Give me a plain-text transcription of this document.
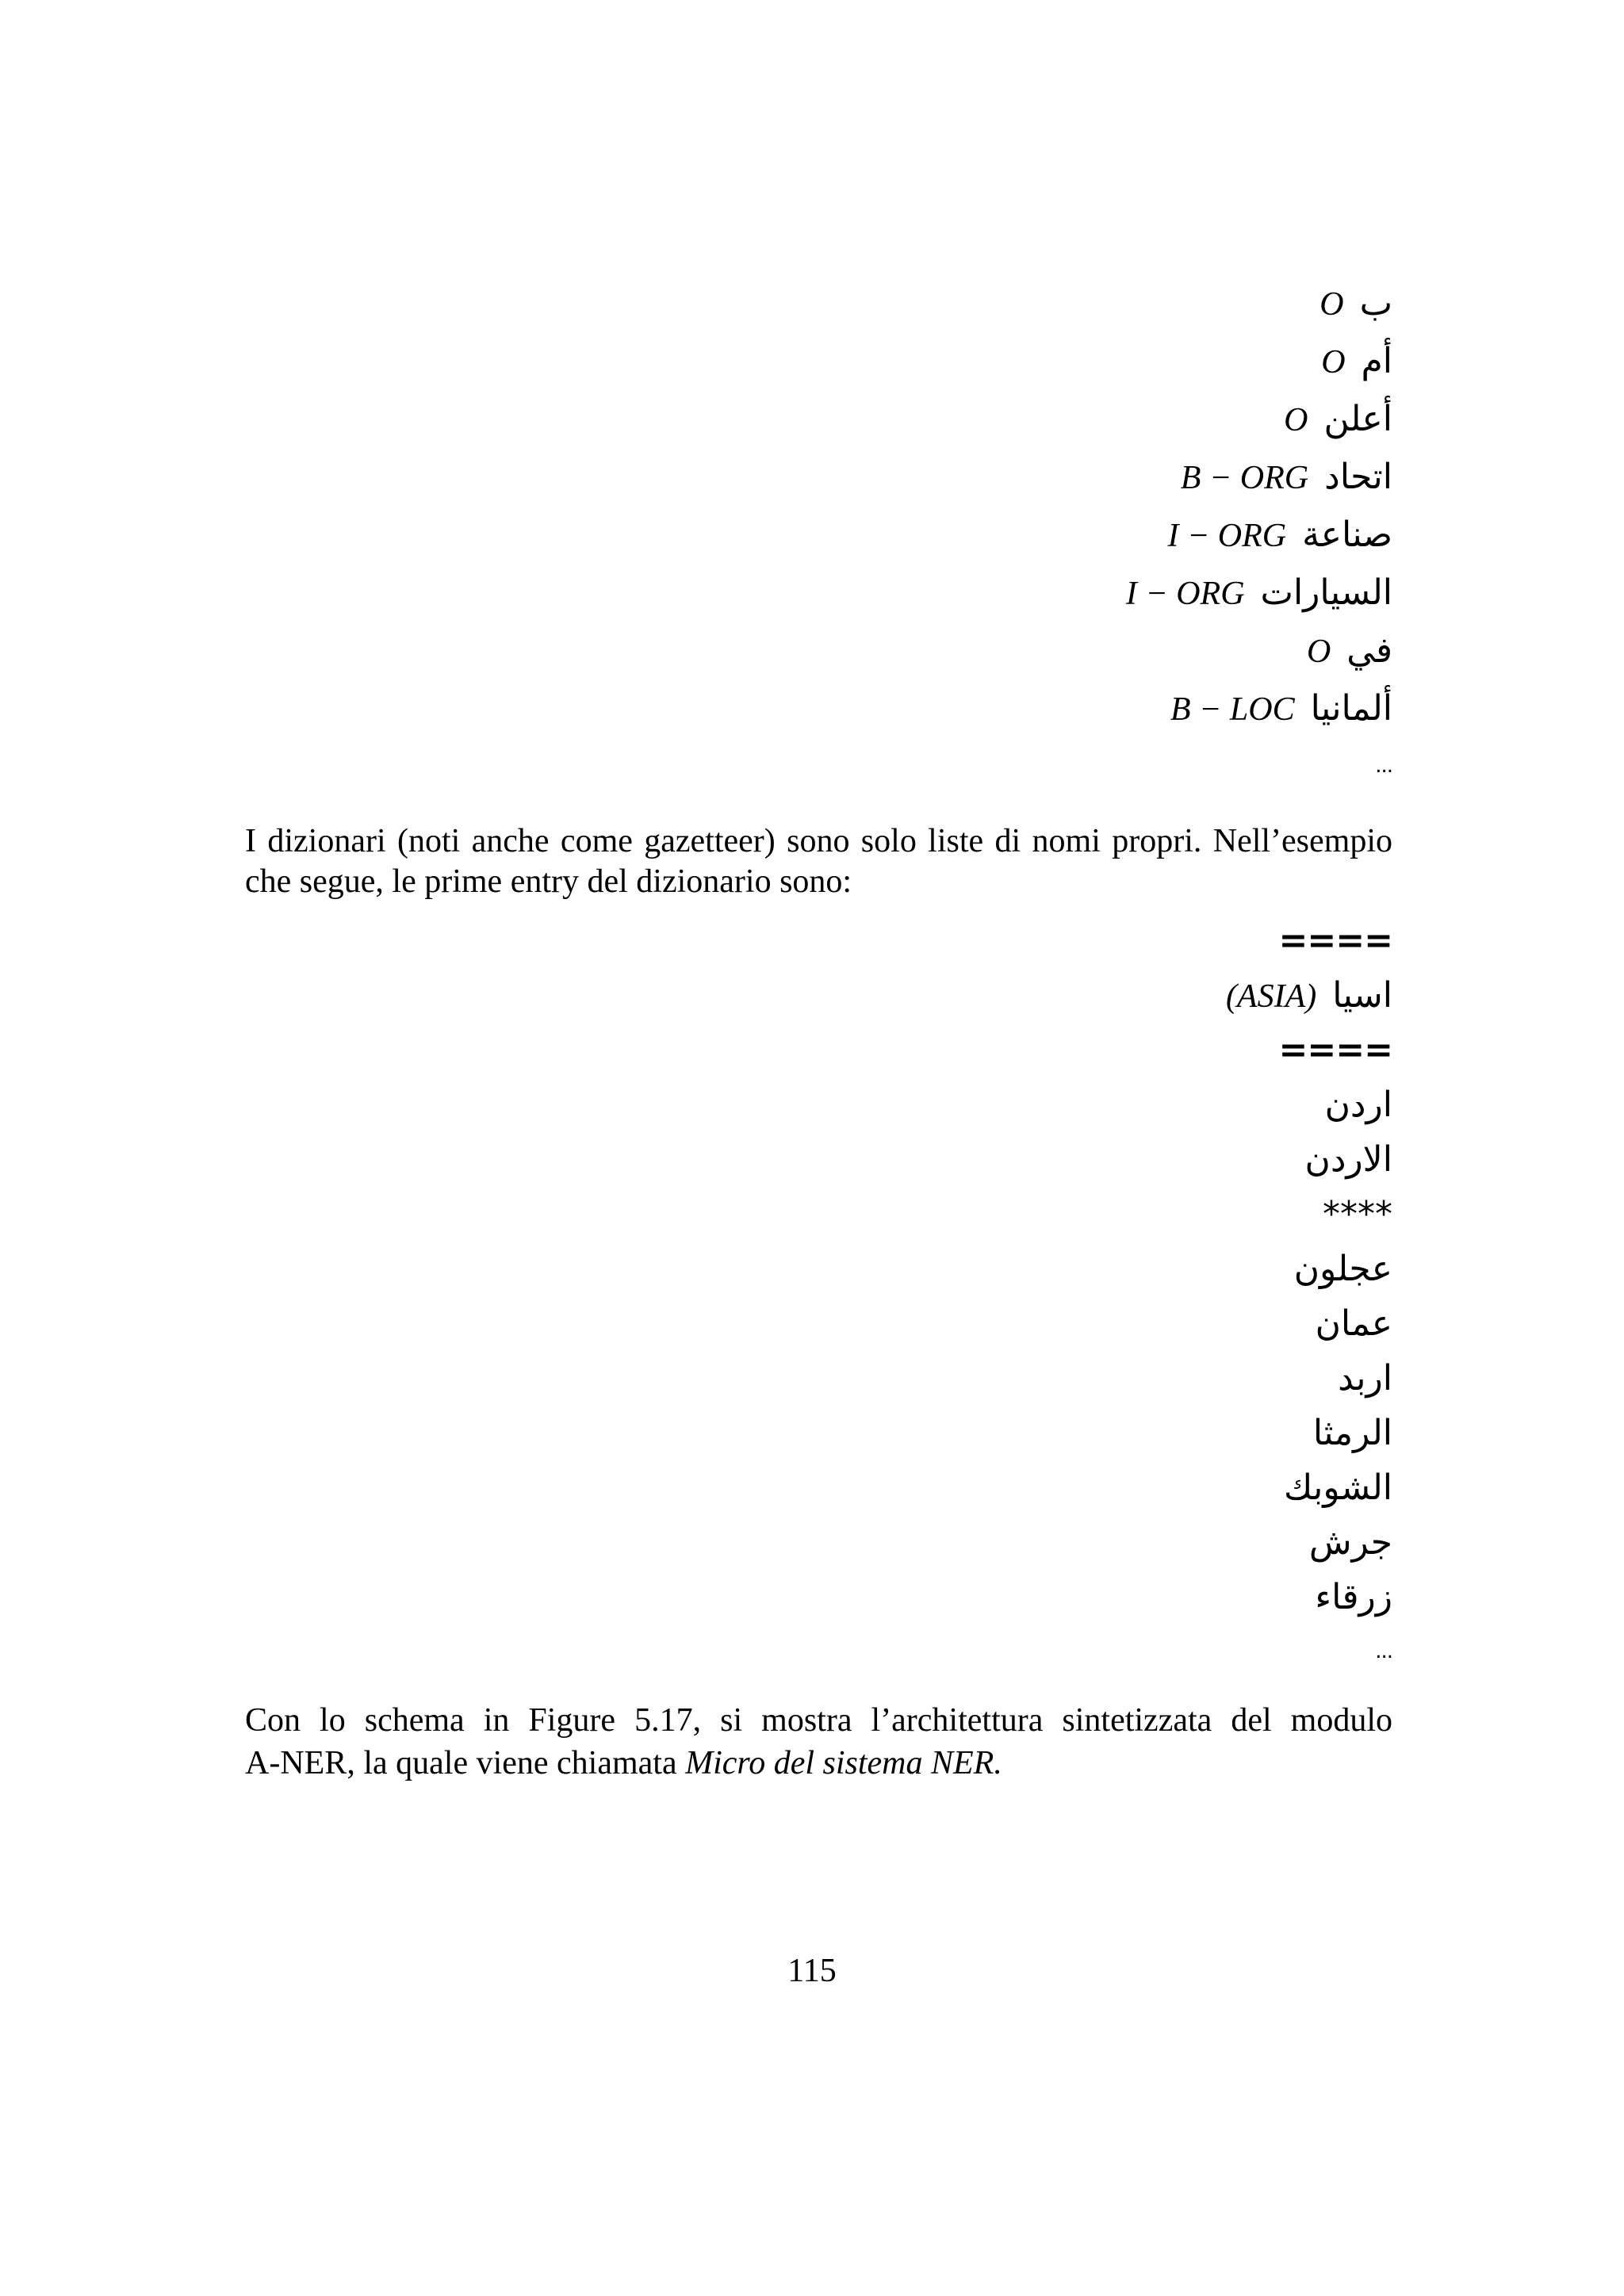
O ب
O أم
O أعلن
B − ORG اتحاد
I − ORG صناعة
I − ORG السيارات
O في
B − LOC ألمانيا
...
I dizionari (noti anche come gazetteer) sono solo liste di nomi propri. Nell’esempio
che segue, le prime entry del dizionario sono:
====
(ASIA) اسيا
====
اردن
الاردن
****
عجلون
عمان
اربد
الرمثا
الشوبك
جرش
زرقاء
...
Con lo schema in Figure 5.17, si mostra l’architettura sintetizzata del modulo
A-NER, la quale viene chiamata Micro del sistema NER.
115
